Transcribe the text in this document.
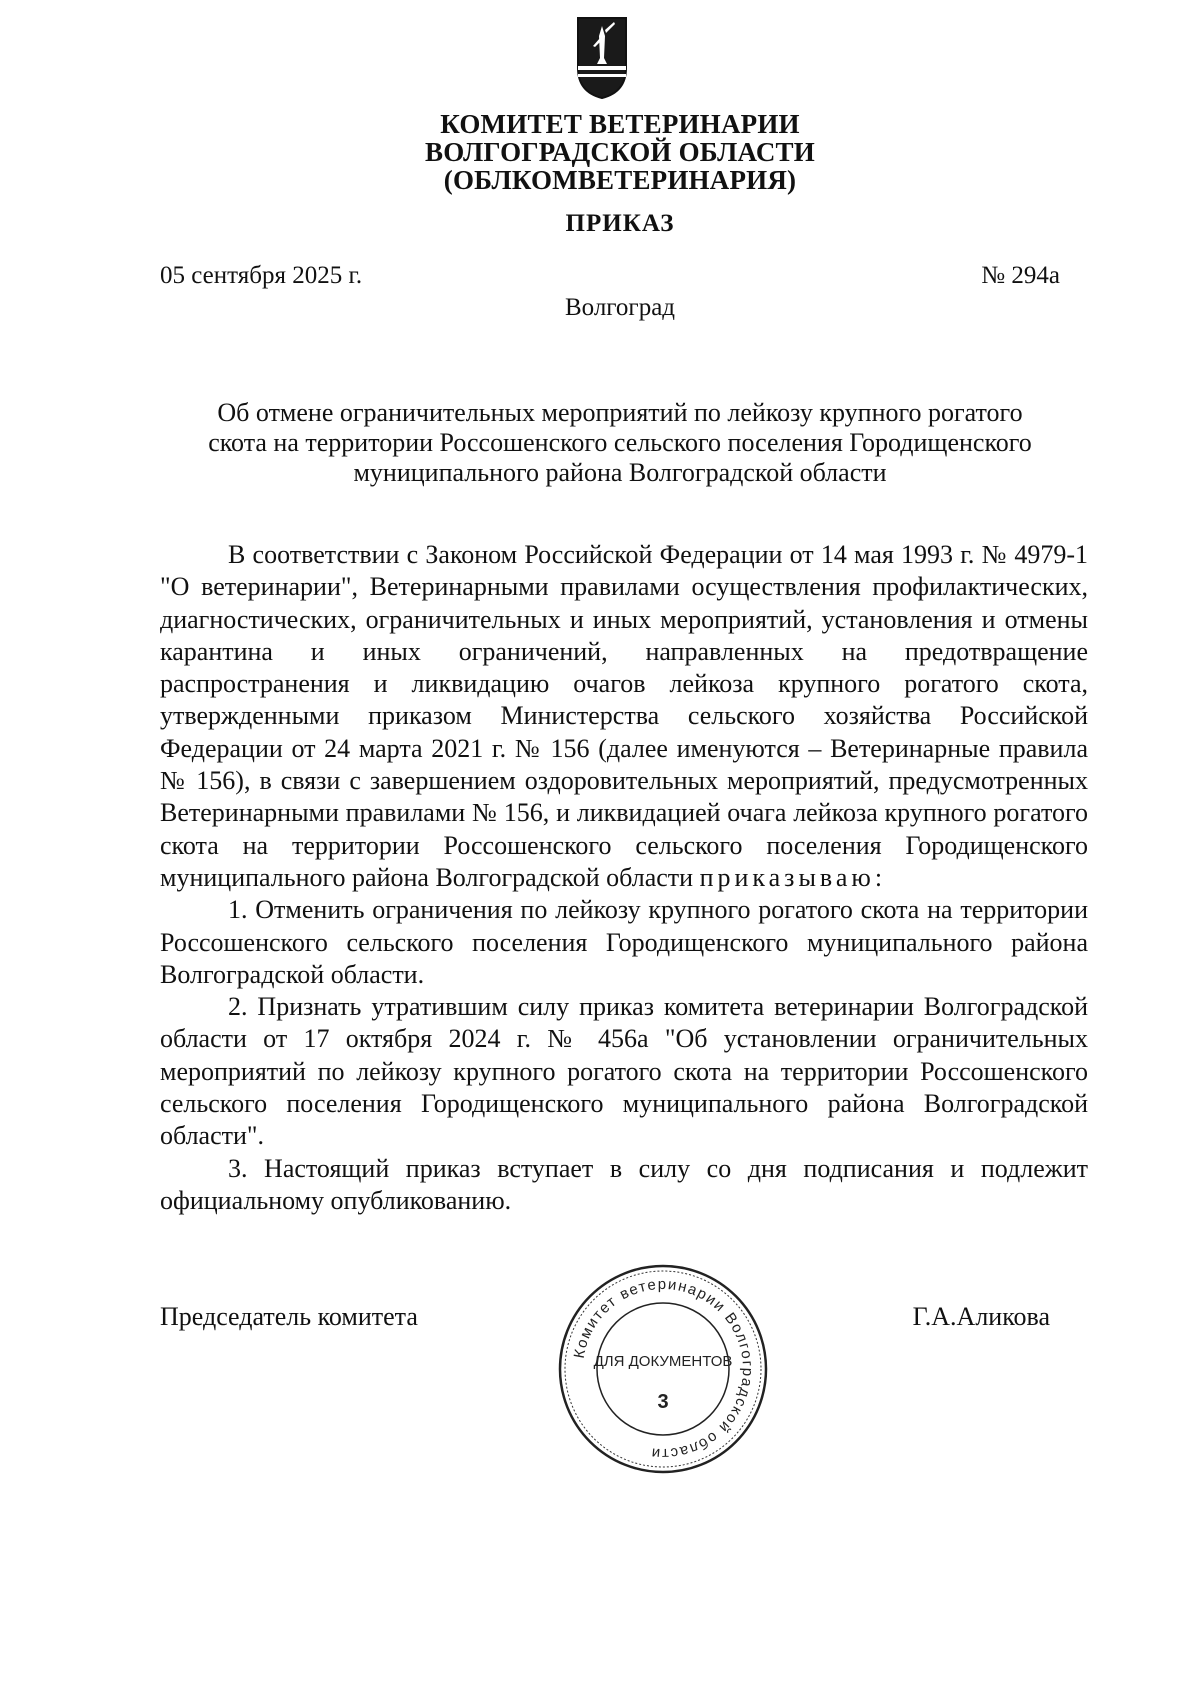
КОМИТЕТ ВЕТЕРИНАРИИ
ВОЛГОГРАДСКОЙ ОБЛАСТИ
(ОБЛКОМВЕТЕРИНАРИЯ)
ПРИКАЗ
05 сентября 2025 г.	№ 294а
Волгоград
Об отмене ограничительных мероприятий по лейкозу крупного рогатого
скота на территории Россошенского сельского поселения Городищенского
муниципального района Волгоградской области

В соответствии с Законом Российской Федерации от 14 мая 1993 г. № 4979-1 "О ветеринарии", Ветеринарными правилами осуществления профилактических, диагностических, ограничительных и иных мероприятий, установления и отмены карантина и иных ограничений, направленных на предотвращение распространения и ликвидацию очагов лейкоза крупного рогатого скота, утвержденными приказом Министерства сельского хозяйства Российской Федерации от 24 марта 2021 г. № 156 (далее именуются – Ветеринарные правила № 156), в связи с завершением оздоровительных мероприятий, предусмотренных Ветеринарными правилами № 156, и ликвидацией очага лейкоза крупного рогатого скота на территории Россошенского сельского поселения Городищенского муниципального района Волгоградской области приказываю:

1. Отменить ограничения по лейкозу крупного рогатого скота на территории Россошенского сельского поселения Городищенского муниципального района Волгоградской области.

2. Признать утратившим силу приказ комитета ветеринарии Волгоградской области от 17 октября 2024 г. № 456а "Об установлении ограничительных мероприятий по лейкозу крупного рогатого скота на территории Россошенского сельского поселения Городищенского муниципального района Волгоградской области".

3. Настоящий приказ вступает в силу со дня подписания и подлежит официальному опубликованию.

Председатель комитета	Г.А.Аликова
Комитет ветеринарии Волгоградской области
ДЛЯ ДОКУМЕНТОВ
3
